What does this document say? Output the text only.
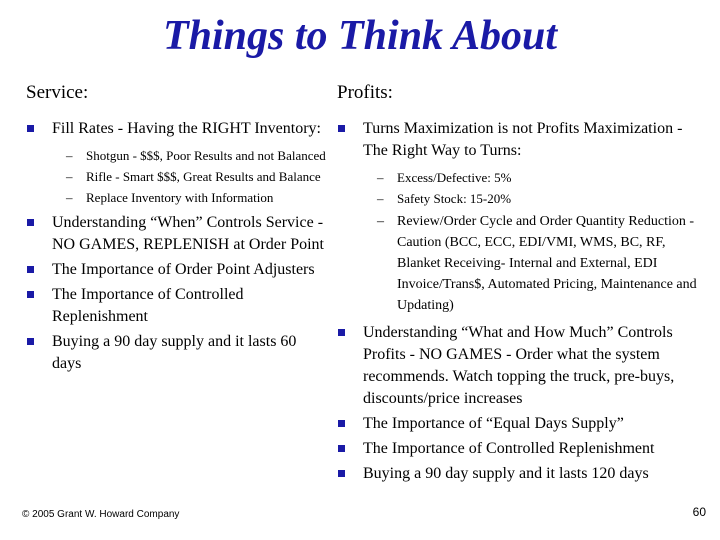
Things to Think About
Service:
Fill Rates - Having the RIGHT Inventory:
– Shotgun - $$$, Poor Results and not Balanced
– Rifle - Smart $$$, Great Results and Balance
– Replace Inventory with Information
Understanding “When” Controls Service - NO GAMES, REPLENISH at Order Point
The Importance of Order Point Adjusters
The Importance of Controlled Replenishment
Buying a 90 day supply and it lasts 60 days
Profits:
Turns Maximization is not Profits Maximization - The Right Way to Turns:
– Excess/Defective: 5%
– Safety Stock: 15-20%
– Review/Order Cycle and Order Quantity Reduction - Caution (BCC, ECC, EDI/VMI, WMS, BC, RF, Blanket Receiving- Internal and External, EDI Invoice/Trans$, Automated Pricing, Maintenance and Updating)
Understanding “What and How Much” Controls Profits - NO GAMES - Order what the system recommends. Watch topping the truck, pre-buys, discounts/price increases
The Importance of “Equal Days Supply”
The Importance of Controlled Replenishment
Buying a 90 day supply and it lasts 120 days
© 2005 Grant W. Howard Company	60
